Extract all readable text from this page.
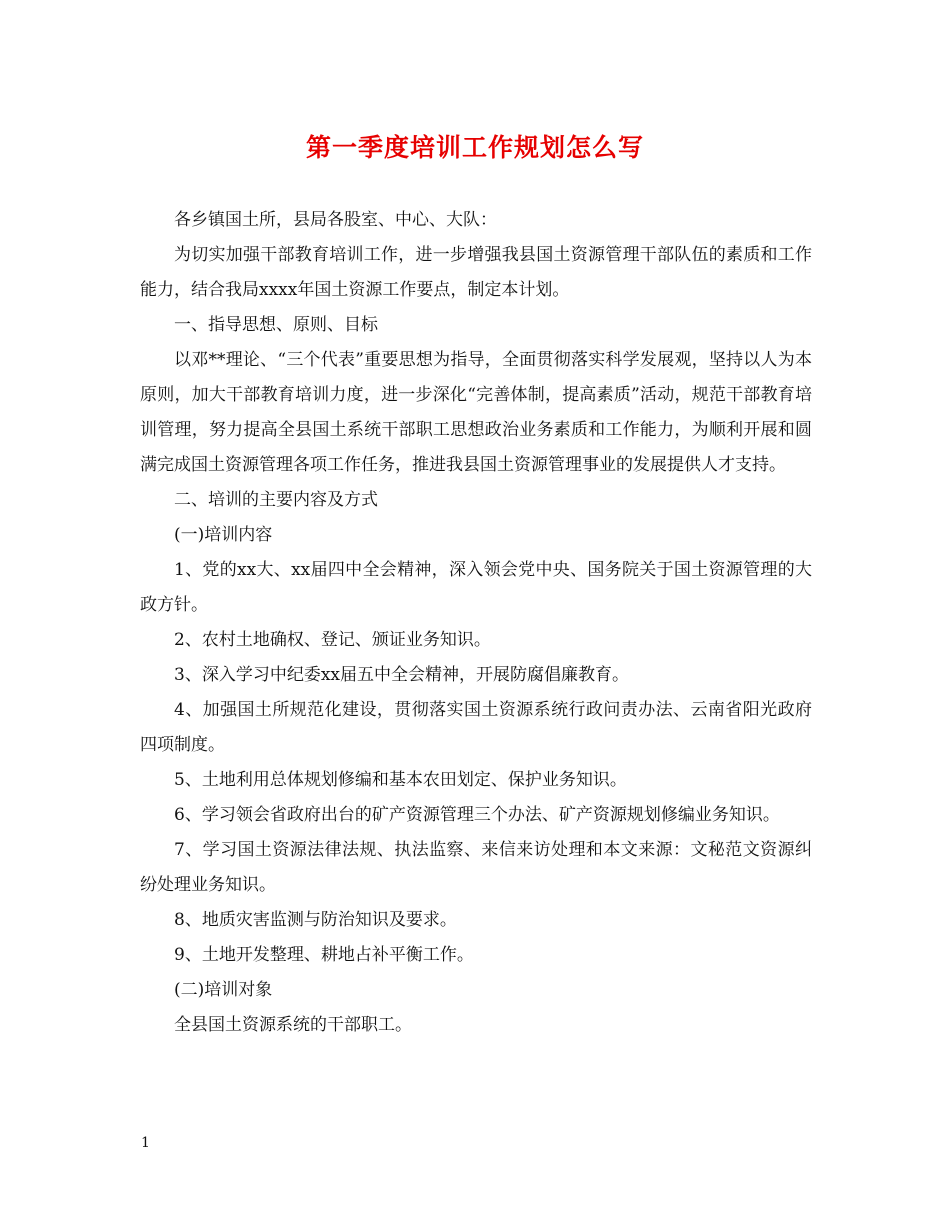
第一季度培训工作规划怎么写

各乡镇国土所，县局各股室、中心、大队：

为切实加强干部教育培训工作，进一步增强我县国土资源管理干部队伍的素质和工作能力，结合我局xxxx年国土资源工作要点，制定本计划。

一、指导思想、原则、目标

以邓**理论、“三个代表”重要思想为指导，全面贯彻落实科学发展观，坚持以人为本原则，加大干部教育培训力度，进一步深化“完善体制，提高素质”活动，规范干部教育培训管理，努力提高全县国土系统干部职工思想政治业务素质和工作能力，为顺利开展和圆满完成国土资源管理各项工作任务，推进我县国土资源管理事业的发展提供人才支持。

二、培训的主要内容及方式

(一)培训内容

1、党的xx大、xx届四中全会精神，深入领会党中央、国务院关于国土资源管理的大政方针。

2、农村土地确权、登记、颁证业务知识。

3、深入学习中纪委xx届五中全会精神，开展防腐倡廉教育。

4、加强国土所规范化建设，贯彻落实国土资源系统行政问责办法、云南省阳光政府四项制度。

5、土地利用总体规划修编和基本农田划定、保护业务知识。

6、学习领会省政府出台的矿产资源管理三个办法、矿产资源规划修编业务知识。

7、学习国土资源法律法规、执法监察、来信来访处理和本文来源：文秘范文资源纠纷处理业务知识。

8、地质灾害监测与防治知识及要求。

9、土地开发整理、耕地占补平衡工作。

(二)培训对象

全县国土资源系统的干部职工。

1
